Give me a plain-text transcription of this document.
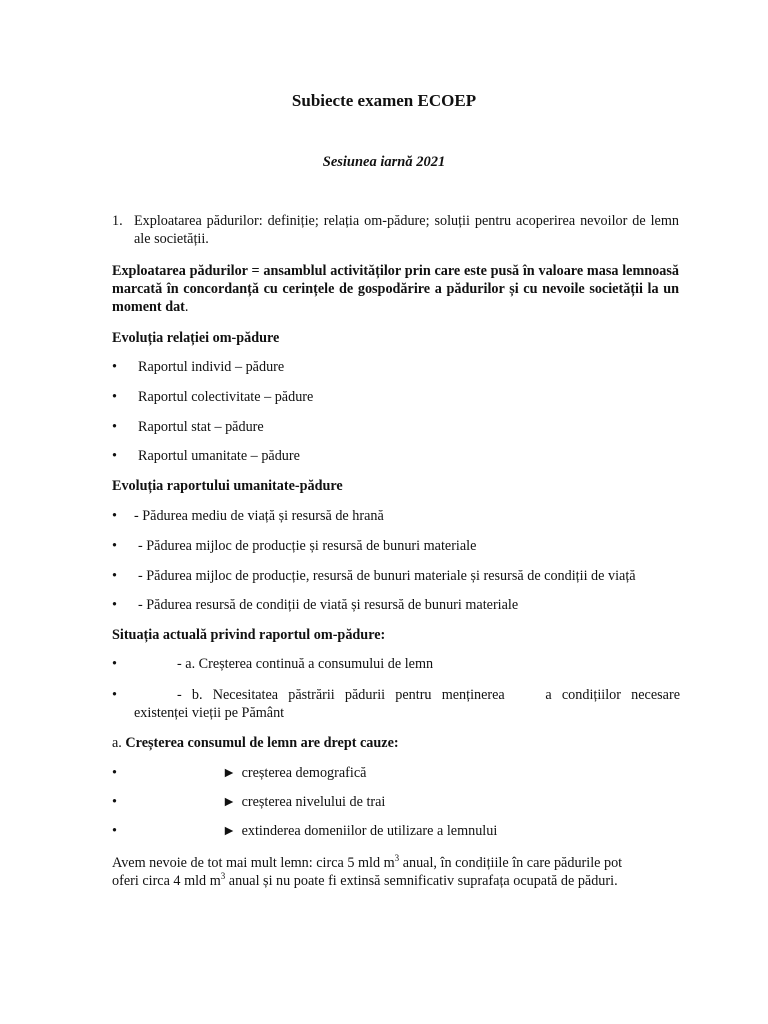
Subiecte examen ECOEP
Sesiunea iarnă 2021
1. Exploatarea pădurilor: definiție; relația om-pădure; soluții pentru acoperirea nevoilor de lemn ale societății.
Exploatarea pădurilor = ansamblul activităților prin care este pusă în valoare masa lemnoasă marcată în concordanță cu cerințele de gospodărire a pădurilor și cu nevoile societății la un moment dat.
Evoluția relației om-pădure
• Raportul individ – pădure
• Raportul colectivitate – pădure
• Raportul stat – pădure
• Raportul umanitate – pădure
Evoluția raportului umanitate-pădure
• - Pădurea mediu de viață și resursă de hrană
• - Pădurea mijloc de producție și resursă de bunuri materiale
• - Pădurea mijloc de producție, resursă de bunuri materiale și resursă de condiții de viață
• - Pădurea resursă de condiții de viată și resursă de bunuri materiale
Situația actuală privind raportul om-pădure:
•	- a. Creșterea continuă a consumului de lemn
•	- b. Necesitatea păstrării pădurii pentru menținerea    a condițiilor necesare
existenței vieții pe Pământ
a. Creșterea consumul de lemn are drept cauze:
•	► creșterea demografică
•	► creșterea nivelului de trai
•	► extinderea domeniilor de utilizare a lemnului
Avem nevoie de tot mai mult lemn: circa 5 mld $m^3$ anual, în condițiile în care pădurile pot
oferi circa 4 mld $m^3$ anual și nu poate fi extinsă semnificativ suprafața ocupată de păduri.
